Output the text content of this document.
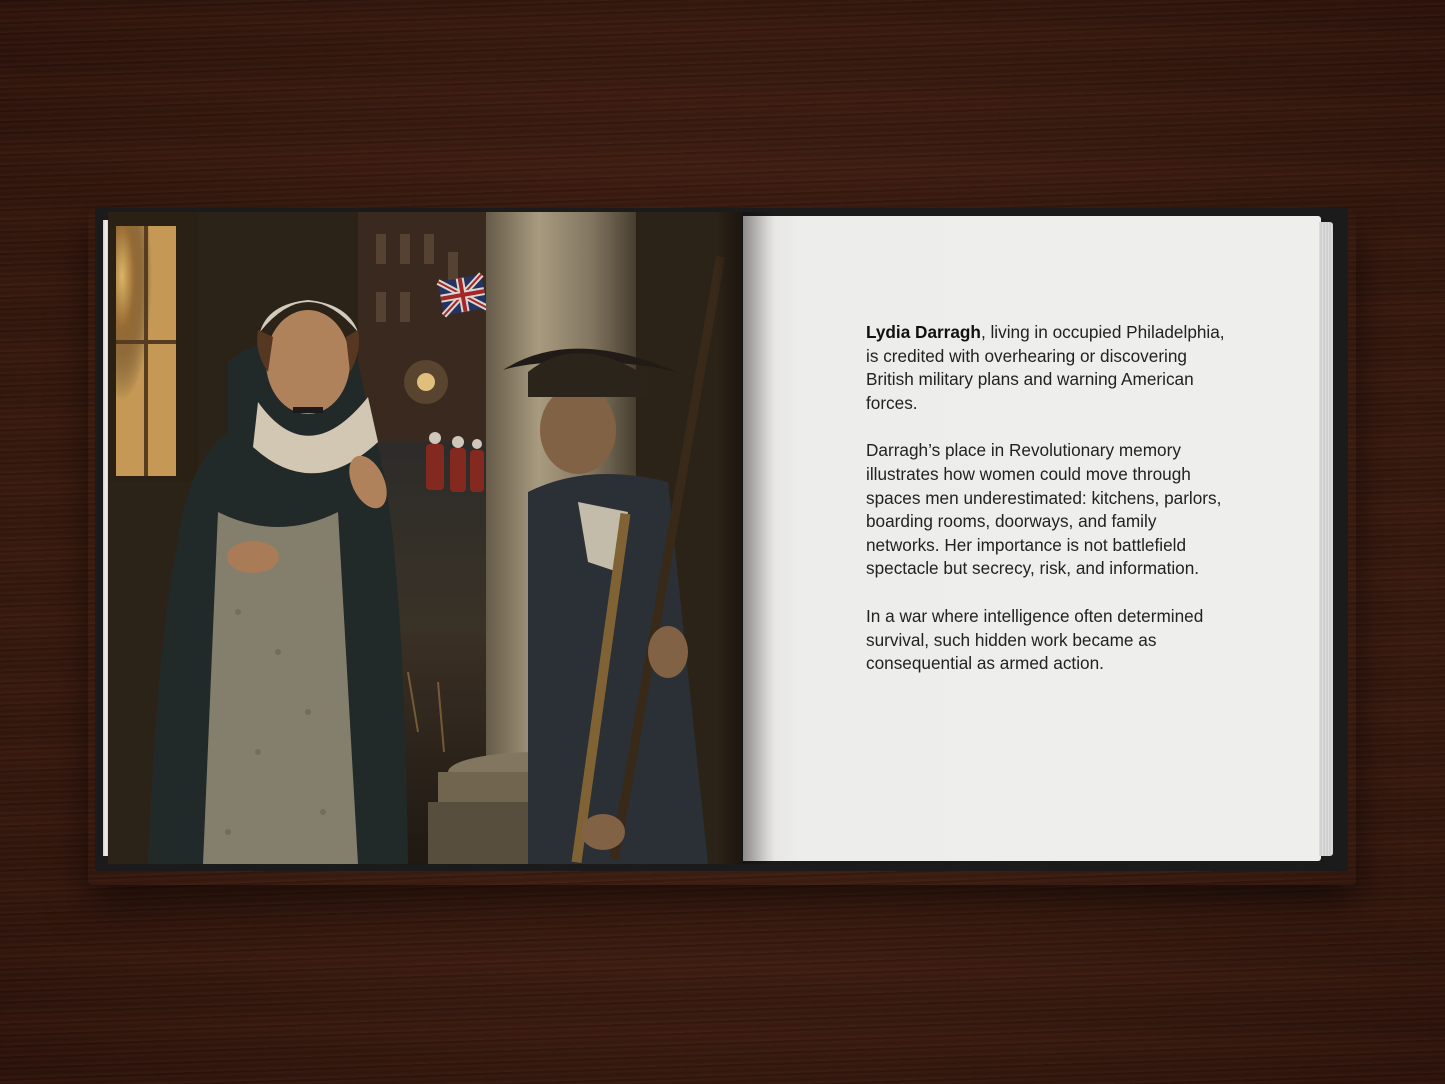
Lydia Darragh, living in occupied Philadelphia, is credited with overhearing or discovering British military plans and warning American forces.

Darragh’s place in Revolutionary memory illustrates how women could move through spaces men underestimated: kitchens, parlors, boarding rooms, doorways, and family networks. Her importance is not battlefield spectacle but secrecy, risk, and information.

In a war where intelligence often determined survival, such hidden work became as consequential as armed action.
